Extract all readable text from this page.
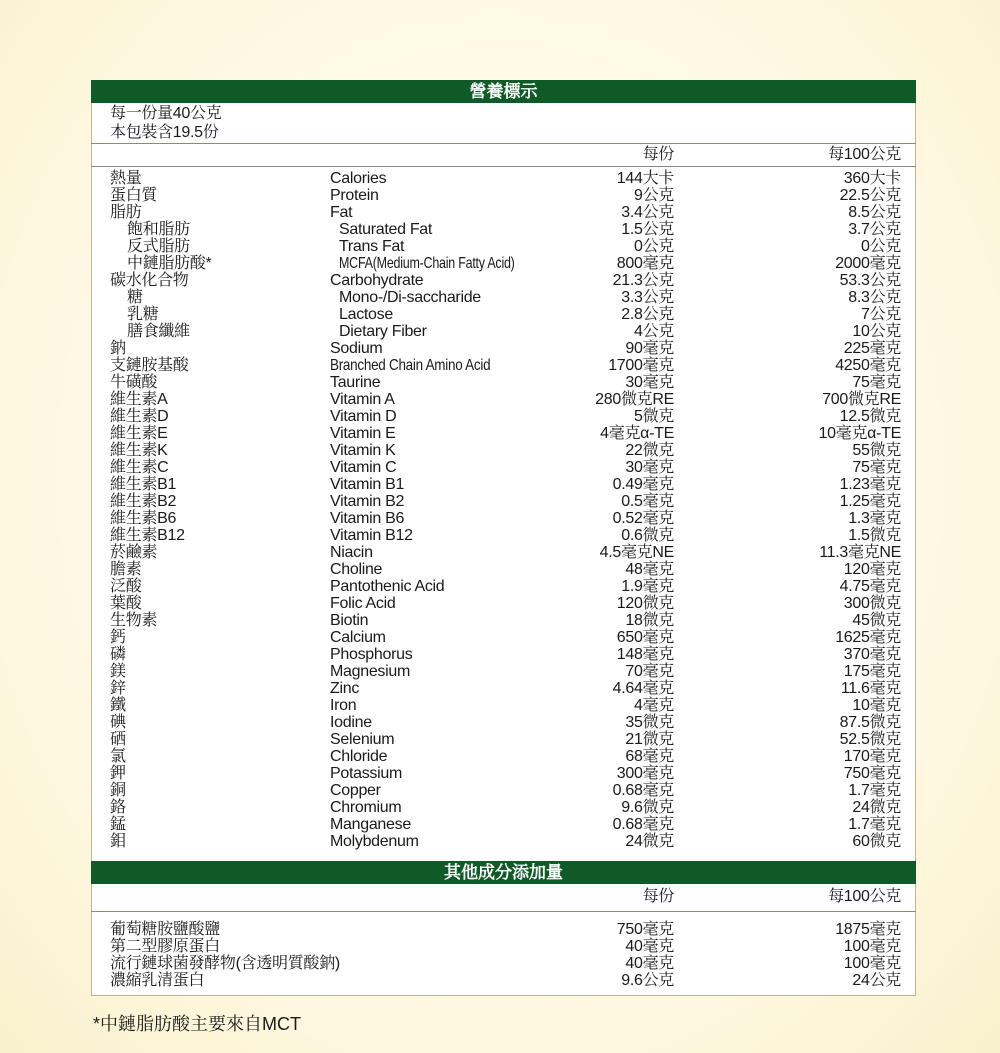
營養標示
每一份量40公克
本包裝含19.5份
每份	每100公克
熱量	Calories	144大卡	360大卡
蛋白質	Protein	9公克	22.5公克
脂肪	Fat	3.4公克	8.5公克
飽和脂肪	Saturated Fat	1.5公克	3.7公克
反式脂肪	Trans Fat	0公克	0公克
中鏈脂肪酸*	MCFA(Medium-Chain Fatty Acid)	800毫克	2000毫克
碳水化合物	Carbohydrate	21.3公克	53.3公克
糖	Mono-/Di-saccharide	3.3公克	8.3公克
乳糖	Lactose	2.8公克	7公克
膳食纖維	Dietary Fiber	4公克	10公克
鈉	Sodium	90毫克	225毫克
支鏈胺基酸	Branched Chain Amino Acid	1700毫克	4250毫克
牛磺酸	Taurine	30毫克	75毫克
維生素A	Vitamin A	280微克RE	700微克RE
維生素D	Vitamin D	5微克	12.5微克
維生素E	Vitamin E	4毫克α-TE	10毫克α-TE
維生素K	Vitamin K	22微克	55微克
維生素C	Vitamin C	30毫克	75毫克
維生素B1	Vitamin B1	0.49毫克	1.23毫克
維生素B2	Vitamin B2	0.5毫克	1.25毫克
維生素B6	Vitamin B6	0.52毫克	1.3毫克
維生素B12	Vitamin B12	0.6微克	1.5微克
菸鹼素	Niacin	4.5毫克NE	11.3毫克NE
膽素	Choline	48毫克	120毫克
泛酸	Pantothenic Acid	1.9毫克	4.75毫克
葉酸	Folic Acid	120微克	300微克
生物素	Biotin	18微克	45微克
鈣	Calcium	650毫克	1625毫克
磷	Phosphorus	148毫克	370毫克
鎂	Magnesium	70毫克	175毫克
鋅	Zinc	4.64毫克	11.6毫克
鐵	Iron	4毫克	10毫克
碘	Iodine	35微克	87.5微克
硒	Selenium	21微克	52.5微克
氯	Chloride	68毫克	170毫克
鉀	Potassium	300毫克	750毫克
銅	Copper	0.68毫克	1.7毫克
鉻	Chromium	9.6微克	24微克
錳	Manganese	0.68毫克	1.7毫克
鉬	Molybdenum	24微克	60微克
其他成分添加量
每份	每100公克
葡萄糖胺鹽酸鹽	750毫克	1875毫克
第二型膠原蛋白	40毫克	100毫克
流行鏈球菌發酵物(含透明質酸鈉)	40毫克	100毫克
濃縮乳清蛋白	9.6公克	24公克
*中鏈脂肪酸主要來自MCT
